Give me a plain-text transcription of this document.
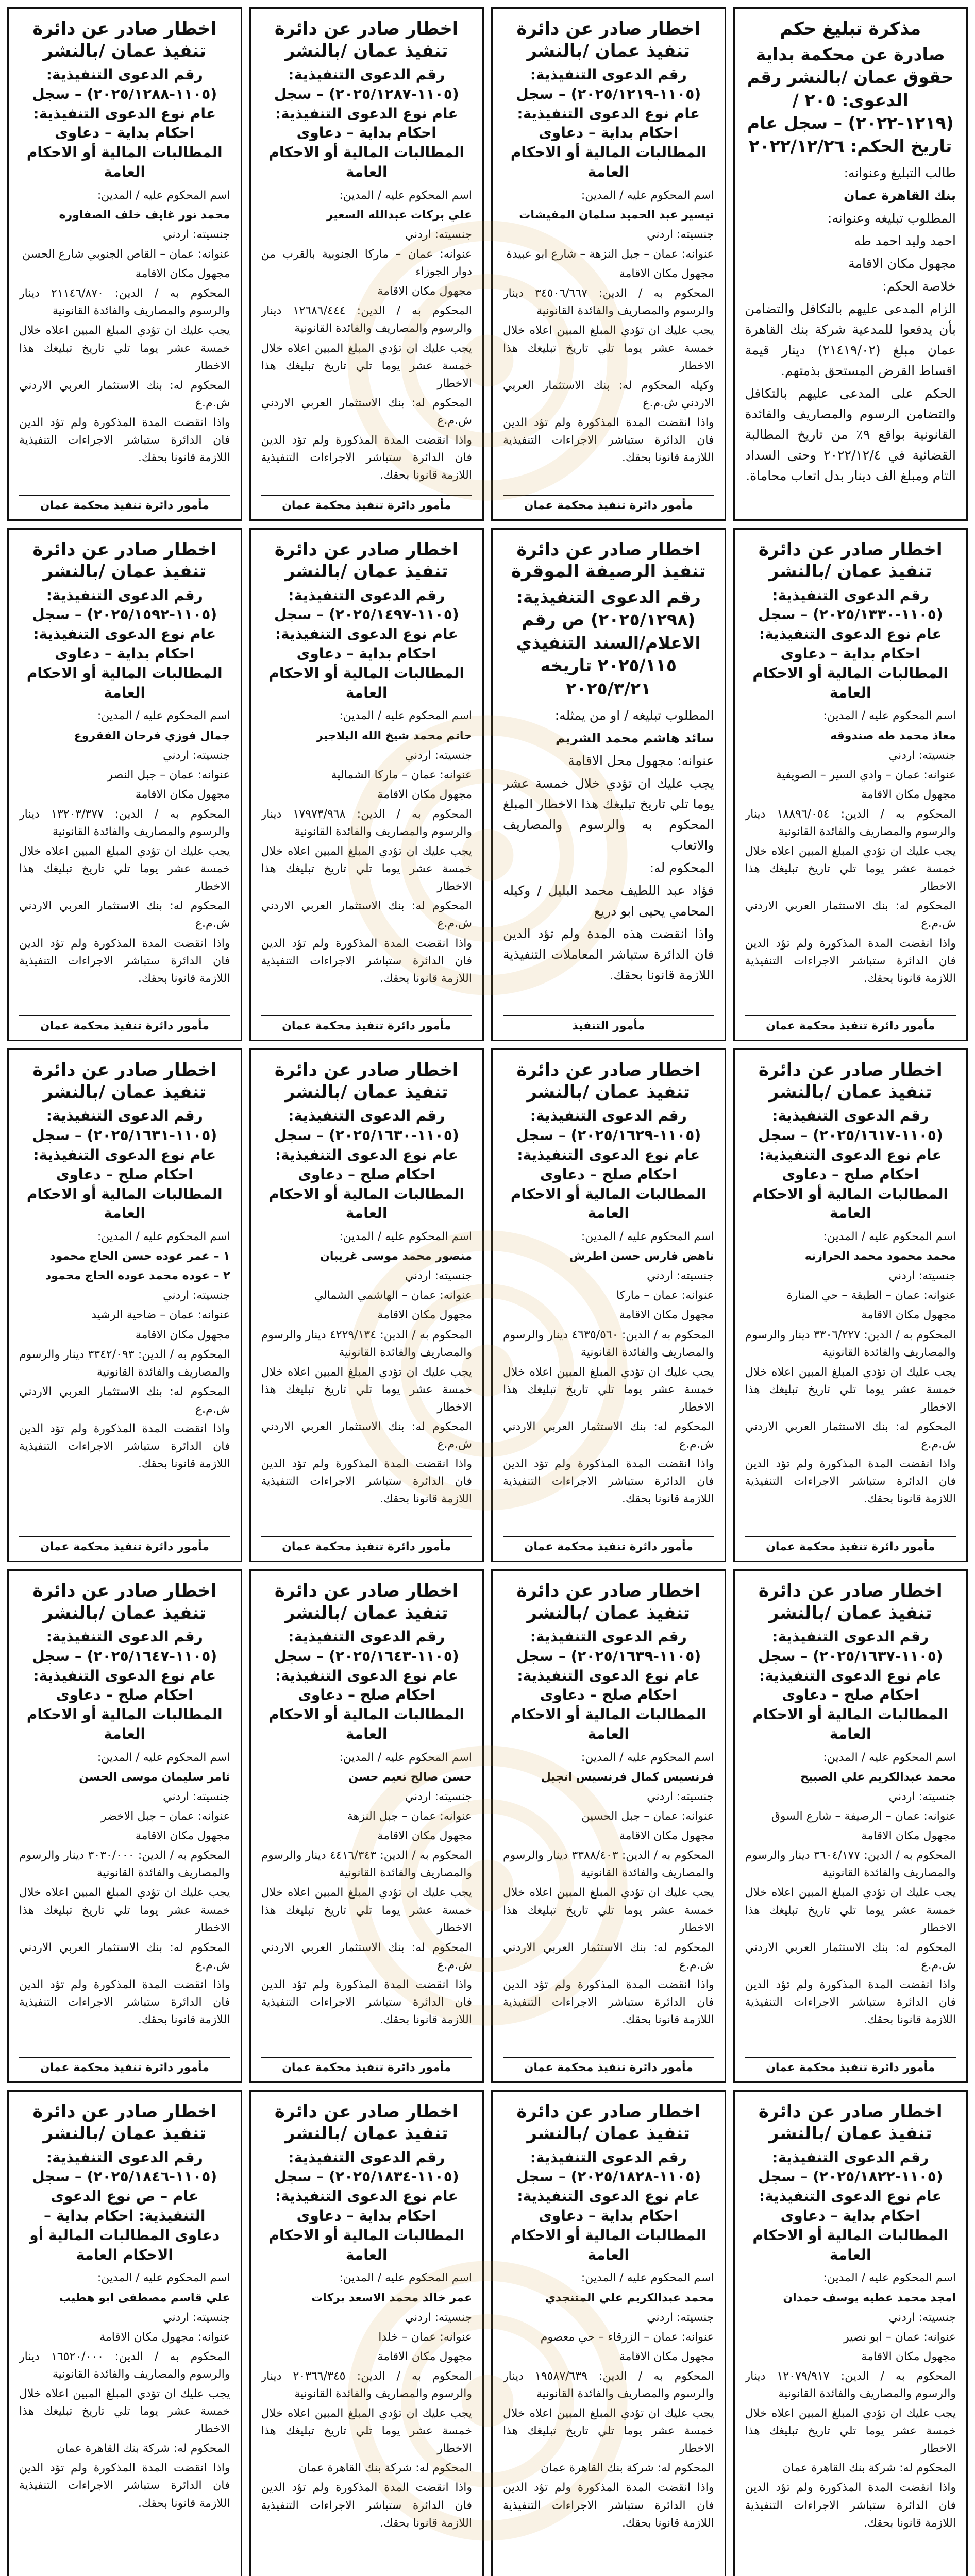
مذكرة تبليغ حكم
صادرة عن محكمة بداية حقوق عمان /بالنشر رقم الدعوى: ٢٠٥ / (١٢١٩-٢٠٢٢) – سجل عام تاريخ الحكم: ٢٠٢٢/١٢/٢٦

طالب التبليغ وعنوانه:

بنك القاهرة عمان

المطلوب تبليغه وعنوانه:

احمد وليد احمد طه

مجهول مكان الاقامة

خلاصة الحكم:

الزام المدعى عليهم بالتكافل والتضامن بأن يدفعوا للمدعية شركة بنك القاهرة عمان مبلغ (٢١٤١٩/٠٢) دينار قيمة اقساط القرض المستحق بذمتهم.

الحكم على المدعى عليهم بالتكافل والتضامن الرسوم والمصاريف والفائدة القانونية بواقع ٩٪ من تاريخ المطالبة القضائية في ٢٠٢٢/١٢/٤ وحتى السداد التام ومبلغ الف دينار بدل اتعاب محاماة.

اخطار صادر عن دائرة تنفيذ عمان /بالنشر
رقم الدعوى التنفيذية: (١١٠٥-٢٠٢٥/١٢١٩) – سجل عام نوع الدعوى التنفيذية: احكام بداية – دعاوى المطالبات المالية أو الاحكام العامة

اسم المحكوم عليه / المدين:

تيسير عبد الحميد سلمان المفيشات

جنسيته: اردني

عنوانه: عمان – جبل النزهة – شارع ابو عبيدة

مجهول مكان الاقامة

المحكوم به / الدين: ٣٤٥٠٦/٦٦٧ دينار والرسوم والمصاريف والفائدة القانونية

يجب عليك ان تؤدي المبلغ المبين اعلاه خلال خمسة عشر يوما تلي تاريخ تبليغك هذا الاخطار

وكيله المحكوم له: بنك الاستثمار العربي الاردني ش.م.ع

واذا انقضت المدة المذكورة ولم تؤد الدين فان الدائرة ستباشر الاجراءات التنفيذية اللازمة قانونا بحقك.

مأمور دائرة تنفيذ محكمة عمان
اخطار صادر عن دائرة تنفيذ عمان /بالنشر
رقم الدعوى التنفيذية: (١١٠٥-٢٠٢٥/١٢٨٧) – سجل عام نوع الدعوى التنفيذية: احكام بداية – دعاوى المطالبات المالية أو الاحكام العامة

اسم المحكوم عليه / المدين:

علي بركات عبدالله السعير

جنسيته: اردني

عنوانه: عمان – ماركا الجنوبية بالقرب من دوار الجوزاء

مجهول مكان الاقامة

المحكوم به / الدين: ١٢٦٨٦/٤٤٤ دينار والرسوم والمصاريف والفائدة القانونية

يجب عليك ان تؤدي المبلغ المبين اعلاه خلال خمسة عشر يوما تلي تاريخ تبليغك هذا الاخطار

المحكوم له: بنك الاستثمار العربي الاردني ش.م.ع

واذا انقضت المدة المذكورة ولم تؤد الدين فان الدائرة ستباشر الاجراءات التنفيذية اللازمة قانونا بحقك.

مأمور دائرة تنفيذ محكمة عمان
اخطار صادر عن دائرة تنفيذ عمان /بالنشر
رقم الدعوى التنفيذية: (١١٠٥-٢٠٢٥/١٢٨٨) – سجل عام نوع الدعوى التنفيذية: احكام بداية – دعاوى المطالبات المالية أو الاحكام العامة

اسم المحكوم عليه / المدين:

محمد نور غايف خلف الصفاوره

جنسيته: اردني

عنوانه: عمان – القاص الجنوبي شارع الحسن

مجهول مكان الاقامة

المحكوم به / الدين: ٢١١٤٦/٨٧٠ دينار والرسوم والمصاريف والفائدة القانونية

يجب عليك ان تؤدي المبلغ المبين اعلاه خلال خمسة عشر يوما تلي تاريخ تبليغك هذا الاخطار

المحكوم له: بنك الاستثمار العربي الاردني ش.م.ع

واذا انقضت المدة المذكورة ولم تؤد الدين فان الدائرة ستباشر الاجراءات التنفيذية اللازمة قانونا بحقك.

مأمور دائرة تنفيذ محكمة عمان
اخطار صادر عن دائرة تنفيذ عمان /بالنشر
رقم الدعوى التنفيذية: (١١٠٥-٢٠٢٥/١٣٣٠) – سجل عام نوع الدعوى التنفيذية: احكام بداية – دعاوى المطالبات المالية أو الاحكام العامة

اسم المحكوم عليه / المدين:

معاذ محمد طه صندوقه

جنسيته: اردني

عنوانه: عمان – وادي السير – الصويفية

مجهول مكان الاقامة

المحكوم به / الدين: ١٨٨٩٦/٠٥٤ دينار والرسوم والمصاريف والفائدة القانونية

يجب عليك ان تؤدي المبلغ المبين اعلاه خلال خمسة عشر يوما تلي تاريخ تبليغك هذا الاخطار

المحكوم له: بنك الاستثمار العربي الاردني ش.م.ع

واذا انقضت المدة المذكورة ولم تؤد الدين فان الدائرة ستباشر الاجراءات التنفيذية اللازمة قانونا بحقك.

مأمور دائرة تنفيذ محكمة عمان
اخطار صادر عن دائرة تنفيذ الرصيفة الموقرة
رقم الدعوى التنفيذية: (٢٠٢٥/١٢٩٨) ص رقم الاعلام/السند التنفيذي ٢٠٢٥/١١٥ تاريخه ٢٠٢٥/٣/٢١

المطلوب تبليغه / او من يمثله:

سائد هاشم محمد الشريم

عنوانه: مجهول محل الاقامة

يجب عليك ان تؤدي خلال خمسة عشر يوما تلي تاريخ تبليغك هذا الاخطار المبلغ المحكوم به والرسوم والمصاريف والاتعاب

المحكوم له:

فؤاد عبد اللطيف محمد البليل / وكيله المحامي يحيى ابو دريع

واذا انقضت هذه المدة ولم تؤد الدين فان الدائرة ستباشر المعاملات التنفيذية اللازمة قانونا بحقك.

مأمور التنفيذ
اخطار صادر عن دائرة تنفيذ عمان /بالنشر
رقم الدعوى التنفيذية: (١١٠٥-٢٠٢٥/١٤٩٧) – سجل عام نوع الدعوى التنفيذية: احكام بداية – دعاوى المطالبات المالية أو الاحكام العامة

اسم المحكوم عليه / المدين:

حاتم محمد شيخ الله اليلاجير

جنسيته: اردني

عنوانه: عمان – ماركا الشمالية

مجهول مكان الاقامة

المحكوم به / الدين: ١٧٩٧٣/٩٦٨ دينار والرسوم والمصاريف والفائدة القانونية

يجب عليك ان تؤدي المبلغ المبين اعلاه خلال خمسة عشر يوما تلي تاريخ تبليغك هذا الاخطار

المحكوم له: بنك الاستثمار العربي الاردني ش.م.ع

واذا انقضت المدة المذكورة ولم تؤد الدين فان الدائرة ستباشر الاجراءات التنفيذية اللازمة قانونا بحقك.

مأمور دائرة تنفيذ محكمة عمان
اخطار صادر عن دائرة تنفيذ عمان /بالنشر
رقم الدعوى التنفيذية: (١١٠٥-٢٠٢٥/١٥٩٢) – سجل عام نوع الدعوى التنفيذية: احكام بداية – دعاوى المطالبات المالية أو الاحكام العامة

اسم المحكوم عليه / المدين:

جمال فوزي فرحان الفقروع

جنسيته: اردني

عنوانه: عمان – جبل النصر

مجهول مكان الاقامة

المحكوم به / الدين: ١٣٢٠٣/٣٧٧ دينار والرسوم والمصاريف والفائدة القانونية

يجب عليك ان تؤدي المبلغ المبين اعلاه خلال خمسة عشر يوما تلي تاريخ تبليغك هذا الاخطار

المحكوم له: بنك الاستثمار العربي الاردني ش.م.ع

واذا انقضت المدة المذكورة ولم تؤد الدين فان الدائرة ستباشر الاجراءات التنفيذية اللازمة قانونا بحقك.

مأمور دائرة تنفيذ محكمة عمان
اخطار صادر عن دائرة تنفيذ عمان /بالنشر
رقم الدعوى التنفيذية: (١١٠٥-٢٠٢٥/١٦١٧) – سجل عام نوع الدعوى التنفيذية: احكام صلح – دعاوى المطالبات المالية أو الاحكام العامة

اسم المحكوم عليه / المدين:

محمد محمود محمد الحرازنه

جنسيته: اردني

عنوانه: عمان – الطبقة – حي المنارة

مجهول مكان الاقامة

المحكوم به / الدين: ٣٣٠٦/٢٢٧ دينار والرسوم والمصاريف والفائدة القانونية

يجب عليك ان تؤدي المبلغ المبين اعلاه خلال خمسة عشر يوما تلي تاريخ تبليغك هذا الاخطار

المحكوم له: بنك الاستثمار العربي الاردني ش.م.ع

واذا انقضت المدة المذكورة ولم تؤد الدين فان الدائرة ستباشر الاجراءات التنفيذية اللازمة قانونا بحقك.

مأمور دائرة تنفيذ محكمة عمان
اخطار صادر عن دائرة تنفيذ عمان /بالنشر
رقم الدعوى التنفيذية: (١١٠٥-٢٠٢٥/١٦٢٩) – سجل عام نوع الدعوى التنفيذية: احكام صلح – دعاوى المطالبات المالية أو الاحكام العامة

اسم المحكوم عليه / المدين:

ناهض فارس حسن اطرش

جنسيته: اردني

عنوانه: عمان – ماركا

مجهول مكان الاقامة

المحكوم به / الدين: ٤٦٣٥/٥٦٠ دينار والرسوم والمصاريف والفائدة القانونية

يجب عليك ان تؤدي المبلغ المبين اعلاه خلال خمسة عشر يوما تلي تاريخ تبليغك هذا الاخطار

المحكوم له: بنك الاستثمار العربي الاردني ش.م.ع

واذا انقضت المدة المذكورة ولم تؤد الدين فان الدائرة ستباشر الاجراءات التنفيذية اللازمة قانونا بحقك.

مأمور دائرة تنفيذ محكمة عمان
اخطار صادر عن دائرة تنفيذ عمان /بالنشر
رقم الدعوى التنفيذية: (١١٠٥-٢٠٢٥/١٦٣٠) – سجل عام نوع الدعوى التنفيذية: احكام صلح – دعاوى المطالبات المالية أو الاحكام العامة

اسم المحكوم عليه / المدين:

منصور محمد موسى غريبان

جنسيته: اردني

عنوانه: عمان – الهاشمي الشمالي

مجهول مكان الاقامة

المحكوم به / الدين: ٤٢٢٩/١٣٤ دينار والرسوم والمصاريف والفائدة القانونية

يجب عليك ان تؤدي المبلغ المبين اعلاه خلال خمسة عشر يوما تلي تاريخ تبليغك هذا الاخطار

المحكوم له: بنك الاستثمار العربي الاردني ش.م.ع

واذا انقضت المدة المذكورة ولم تؤد الدين فان الدائرة ستباشر الاجراءات التنفيذية اللازمة قانونا بحقك.

مأمور دائرة تنفيذ محكمة عمان
اخطار صادر عن دائرة تنفيذ عمان /بالنشر
رقم الدعوى التنفيذية: (١١٠٥-٢٠٢٥/١٦٣١) – سجل عام نوع الدعوى التنفيذية: احكام صلح – دعاوى المطالبات المالية أو الاحكام العامة

اسم المحكوم عليه / المدين:

١ – عمر عوده حسن الحاج محمود

٢ – عوده محمد عوده الحاج محمود

جنسيته: اردني

عنوانه: عمان – ضاحية الرشيد

مجهول مكان الاقامة

المحكوم به / الدين: ٣٣٤٢/٠٩٣ دينار والرسوم والمصاريف والفائدة القانونية

المحكوم له: بنك الاستثمار العربي الاردني ش.م.ع

واذا انقضت المدة المذكورة ولم تؤد الدين فان الدائرة ستباشر الاجراءات التنفيذية اللازمة قانونا بحقك.

مأمور دائرة تنفيذ محكمة عمان
اخطار صادر عن دائرة تنفيذ عمان /بالنشر
رقم الدعوى التنفيذية: (١١٠٥-٢٠٢٥/١٦٣٧) – سجل عام نوع الدعوى التنفيذية: احكام صلح – دعاوى المطالبات المالية أو الاحكام العامة

اسم المحكوم عليه / المدين:

محمد عبدالكريم علي الصبيح

جنسيته: اردني

عنوانه: عمان – الرصيفة – شارع السوق

مجهول مكان الاقامة

المحكوم به / الدين: ٣٦٠٤/١٧٧ دينار والرسوم والمصاريف والفائدة القانونية

يجب عليك ان تؤدي المبلغ المبين اعلاه خلال خمسة عشر يوما تلي تاريخ تبليغك هذا الاخطار

المحكوم له: بنك الاستثمار العربي الاردني ش.م.ع

واذا انقضت المدة المذكورة ولم تؤد الدين فان الدائرة ستباشر الاجراءات التنفيذية اللازمة قانونا بحقك.

مأمور دائرة تنفيذ محكمة عمان
اخطار صادر عن دائرة تنفيذ عمان /بالنشر
رقم الدعوى التنفيذية: (١١٠٥-٢٠٢٥/١٦٣٩) – سجل عام نوع الدعوى التنفيذية: احكام صلح – دعاوى المطالبات المالية أو الاحكام العامة

اسم المحكوم عليه / المدين:

فرنسيس كمال فرنسيس انجيل

جنسيته: اردني

عنوانه: عمان – جبل الحسين

مجهول مكان الاقامة

المحكوم به / الدين: ٣٣٨٨/٤٠٣ دينار والرسوم والمصاريف والفائدة القانونية

يجب عليك ان تؤدي المبلغ المبين اعلاه خلال خمسة عشر يوما تلي تاريخ تبليغك هذا الاخطار

المحكوم له: بنك الاستثمار العربي الاردني ش.م.ع

واذا انقضت المدة المذكورة ولم تؤد الدين فان الدائرة ستباشر الاجراءات التنفيذية اللازمة قانونا بحقك.

مأمور دائرة تنفيذ محكمة عمان
اخطار صادر عن دائرة تنفيذ عمان /بالنشر
رقم الدعوى التنفيذية: (١١٠٥-٢٠٢٥/١٦٤٣) – سجل عام نوع الدعوى التنفيذية: احكام صلح – دعاوى المطالبات المالية أو الاحكام العامة

اسم المحكوم عليه / المدين:

حسن صالح نعيم حسن

جنسيته: اردني

عنوانه: عمان – جبل النزهة

مجهول مكان الاقامة

المحكوم به / الدين: ٤٤١٦/٣٤٣ دينار والرسوم والمصاريف والفائدة القانونية

يجب عليك ان تؤدي المبلغ المبين اعلاه خلال خمسة عشر يوما تلي تاريخ تبليغك هذا الاخطار

المحكوم له: بنك الاستثمار العربي الاردني ش.م.ع

واذا انقضت المدة المذكورة ولم تؤد الدين فان الدائرة ستباشر الاجراءات التنفيذية اللازمة قانونا بحقك.

مأمور دائرة تنفيذ محكمة عمان
اخطار صادر عن دائرة تنفيذ عمان /بالنشر
رقم الدعوى التنفيذية: (١١٠٥-٢٠٢٥/١٦٤٧) – سجل عام نوع الدعوى التنفيذية: احكام صلح – دعاوى المطالبات المالية أو الاحكام العامة

اسم المحكوم عليه / المدين:

ثامر سليمان موسى الحسن

جنسيته: اردني

عنوانه: عمان – جبل الاخضر

مجهول مكان الاقامة

المحكوم به / الدين: ٣٠٣٠/٠٠٠ دينار والرسوم والمصاريف والفائدة القانونية

يجب عليك ان تؤدي المبلغ المبين اعلاه خلال خمسة عشر يوما تلي تاريخ تبليغك هذا الاخطار

المحكوم له: بنك الاستثمار العربي الاردني ش.م.ع

واذا انقضت المدة المذكورة ولم تؤد الدين فان الدائرة ستباشر الاجراءات التنفيذية اللازمة قانونا بحقك.

مأمور دائرة تنفيذ محكمة عمان
اخطار صادر عن دائرة تنفيذ عمان /بالنشر
رقم الدعوى التنفيذية: (١١٠٥-٢٠٢٥/١٨٢٢) – سجل عام نوع الدعوى التنفيذية: احكام بداية – دعاوى المطالبات المالية أو الاحكام العامة

اسم المحكوم عليه / المدين:

امجد محمد عطيه يوسف حمدان

جنسيته: اردني

عنوانه: عمان – ابو نصير

مجهول مكان الاقامة

المحكوم به / الدين: ١٢٠٧٩/٩١٧ دينار والرسوم والمصاريف والفائدة القانونية

يجب عليك ان تؤدي المبلغ المبين اعلاه خلال خمسة عشر يوما تلي تاريخ تبليغك هذا الاخطار

المحكوم له: شركة بنك القاهرة عمان

واذا انقضت المدة المذكورة ولم تؤد الدين فان الدائرة ستباشر الاجراءات التنفيذية اللازمة قانونا بحقك.

اخطار صادر عن دائرة تنفيذ عمان /بالنشر
رقم الدعوى التنفيذية: (١١٠٥-٢٠٢٥/١٨٢٨) – سجل عام نوع الدعوى التنفيذية: احكام بداية – دعاوى المطالبات المالية أو الاحكام العامة

اسم المحكوم عليه / المدين:

محمد عبدالكريم علي المتنجدي

جنسيته: اردني

عنوانه: عمان – الزرقاء – حي معصوم

مجهول مكان الاقامة

المحكوم به / الدين: ١٩٥٨٧/٦٣٩ دينار والرسوم والمصاريف والفائدة القانونية

يجب عليك ان تؤدي المبلغ المبين اعلاه خلال خمسة عشر يوما تلي تاريخ تبليغك هذا الاخطار

المحكوم له: شركة بنك القاهرة عمان

واذا انقضت المدة المذكورة ولم تؤد الدين فان الدائرة ستباشر الاجراءات التنفيذية اللازمة قانونا بحقك.

اخطار صادر عن دائرة تنفيذ عمان /بالنشر
رقم الدعوى التنفيذية: (١١٠٥-٢٠٢٥/١٨٣٤) – سجل عام نوع الدعوى التنفيذية: احكام بداية – دعاوى المطالبات المالية أو الاحكام العامة

اسم المحكوم عليه / المدين:

عمر خالد محمد الاسعد بركات

جنسيته: اردني

عنوانه: عمان – خلدا

مجهول مكان الاقامة

المحكوم به / الدين: ٢٠٣٦٦/٣٤٥ دينار والرسوم والمصاريف والفائدة القانونية

يجب عليك ان تؤدي المبلغ المبين اعلاه خلال خمسة عشر يوما تلي تاريخ تبليغك هذا الاخطار

المحكوم له: شركة بنك القاهرة عمان

واذا انقضت المدة المذكورة ولم تؤد الدين فان الدائرة ستباشر الاجراءات التنفيذية اللازمة قانونا بحقك.

اخطار صادر عن دائرة تنفيذ عمان /بالنشر
رقم الدعوى التنفيذية: (١١٠٥-٢٠٢٥/١٨٤٦) – سجل عام – ص نوع الدعوى التنفيذية: احكام بداية – دعاوى المطالبات المالية أو الاحكام العامة

اسم المحكوم عليه / المدين:

علي قاسم مصطفى ابو هطيب

جنسيته: اردني

عنوانه: مجهول مكان الاقامة

المحكوم به / الدين: ١٦٥٢٠/٠٠٠ دينار والرسوم والمصاريف والفائدة القانونية

يجب عليك ان تؤدي المبلغ المبين اعلاه خلال خمسة عشر يوما تلي تاريخ تبليغك هذا الاخطار

المحكوم له: شركة بنك القاهرة عمان

واذا انقضت المدة المذكورة ولم تؤد الدين فان الدائرة ستباشر الاجراءات التنفيذية اللازمة قانونا بحقك.
